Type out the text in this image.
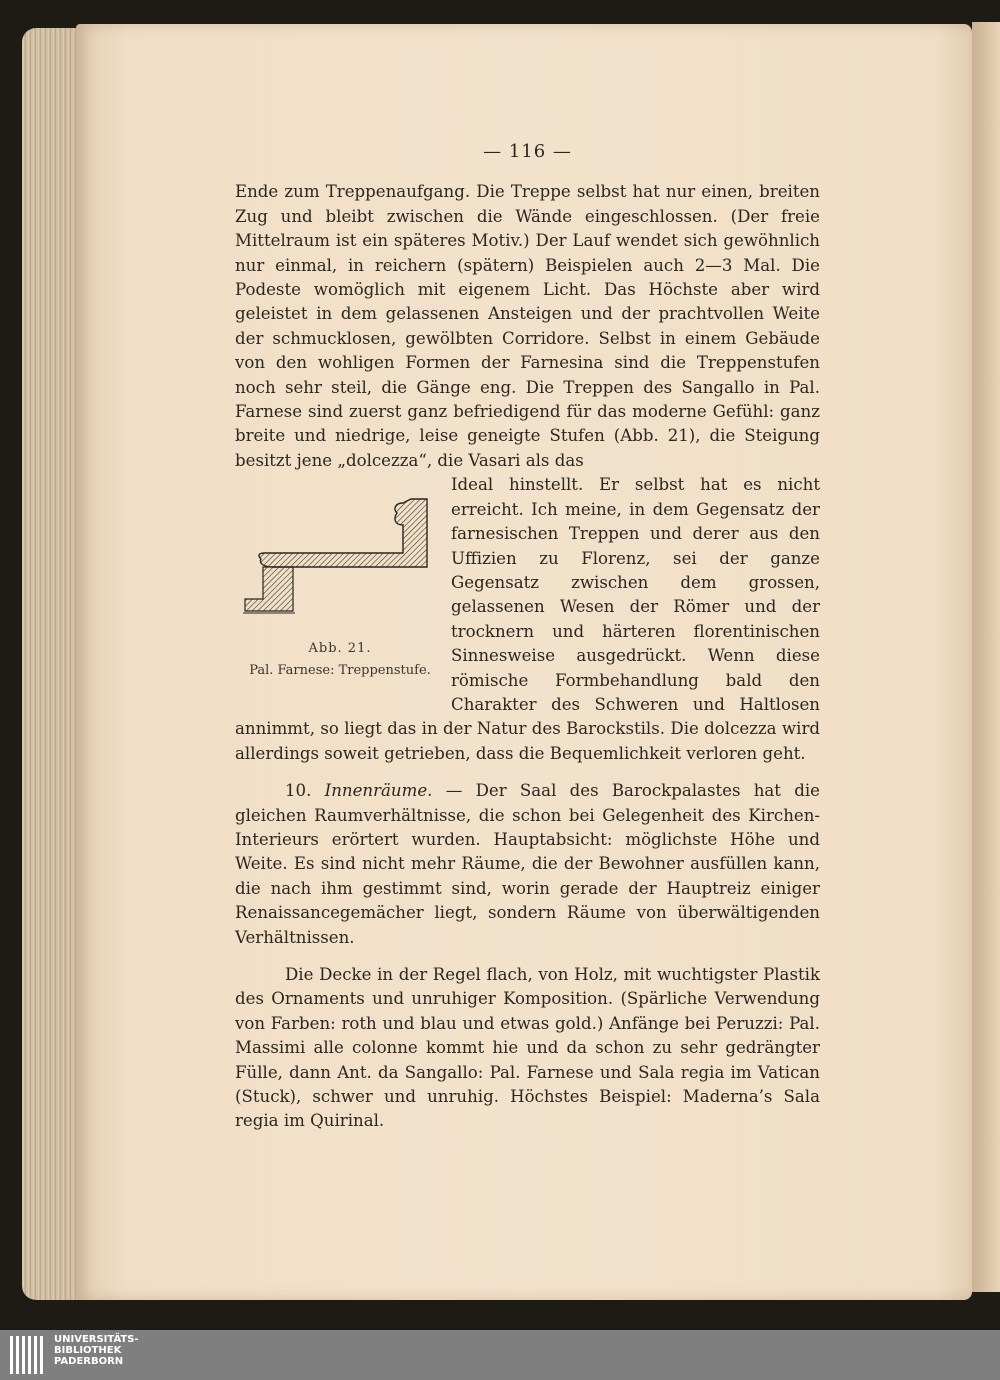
— 116 —

Ende zum Treppenaufgang. Die Treppe selbst hat nur einen, breiten Zug und bleibt zwischen die Wände eingeschlossen. (Der freie Mittelraum ist ein späteres Motiv.) Der Lauf wendet sich gewöhnlich nur einmal, in reichern (spätern) Beispielen auch 2—3 Mal. Die Podeste womöglich mit eigenem Licht. Das Höchste aber wird geleistet in dem gelassenen Ansteigen und der prachtvollen Weite der schmucklosen, gewölbten Corridore. Selbst in einem Gebäude von den wohligen Formen der Farnesina sind die Treppenstufen noch sehr steil, die Gänge eng. Die Treppen des Sangallo in Pal. Farnese sind zuerst ganz befriedigend für das moderne Gefühl: ganz breite und niedrige, leise geneigte Stufen (Abb. 21), die Steigung besitzt jene „dolcezza“, die Vasari als das

Abb. 21.
Pal. Farnese: Treppenstufe.

Ideal hinstellt. Er selbst hat es nicht erreicht. Ich meine, in dem Gegensatz der farnesischen Treppen und derer aus den Uffizien zu Florenz, sei der ganze Gegensatz zwischen dem grossen, gelassenen Wesen der Römer und der trocknern und härteren florentinischen Sinnesweise ausgedrückt. Wenn diese römische Formbehandlung bald den Charakter des Schweren und Haltlosen annimmt, so liegt das in der Natur des Barockstils. Die dolcezza wird allerdings soweit getrieben, dass die Bequemlichkeit verloren geht.

10. Innenräume. — Der Saal des Barockpalastes hat die gleichen Raumverhältnisse, die schon bei Gelegenheit des Kirchen-Interieurs erörtert wurden. Hauptabsicht: möglichste Höhe und Weite. Es sind nicht mehr Räume, die der Bewohner ausfüllen kann, die nach ihm gestimmt sind, worin gerade der Hauptreiz einiger Renaissancegemächer liegt, sondern Räume von überwältigenden Verhältnissen.

Die Decke in der Regel flach, von Holz, mit wuchtigster Plastik des Ornaments und unruhiger Komposition. (Spärliche Verwendung von Farben: roth und blau und etwas gold.) Anfänge bei Peruzzi: Pal. Massimi alle colonne kommt hie und da schon zu sehr gedrängter Fülle, dann Ant. da Sangallo: Pal. Farnese und Sala regia im Vatican (Stuck), schwer und unruhig. Höchstes Beispiel: Maderna’s Sala regia im Quirinal.

UNIVERSITÄTS-
BIBLIOTHEK
PADERBORN
